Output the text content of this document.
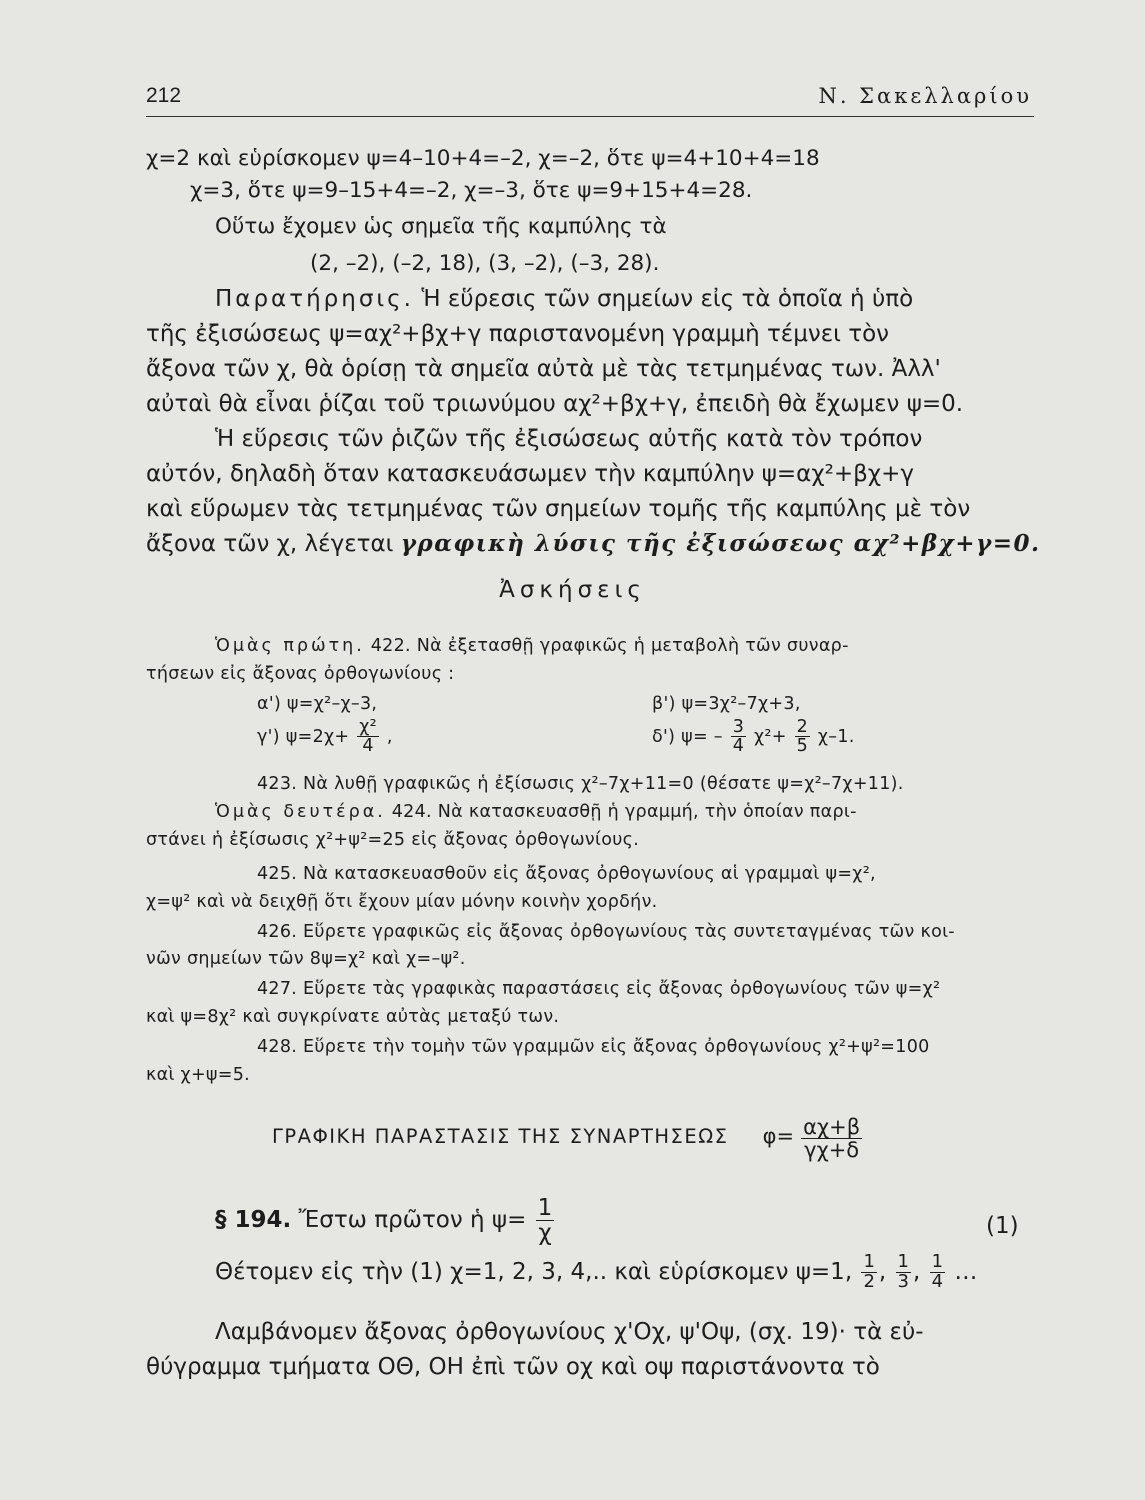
212	Ν. Σακελλαρίου
χ=2 καὶ εὑρίσκομεν ψ=4–10+4=–2, χ=–2, ὅτε ψ=4+10+4=18
χ=3, ὅτε ψ=9–15+4=–2, χ=–3, ὅτε ψ=9+15+4=28.
Οὕτω ἔχομεν ὡς σημεῖα τῆς καμπύλης τὰ
(2, –2), (–2, 18), (3, –2), (–3, 28).
Παρατήρησις. Ἡ εὕρεσις τῶν σημείων εἰς τὰ ὁποῖα ἡ ὑπὸ
τῆς ἐξισώσεως ψ=αχ²+βχ+γ παριστανομένη γραμμὴ τέμνει τὸν
ἄξονα τῶν χ, θὰ ὁρίσῃ τὰ σημεῖα αὐτὰ μὲ τὰς τετμημένας των. Ἀλλ'
αὐταὶ θὰ εἶναι ῥίζαι τοῦ τριωνύμου αχ²+βχ+γ, ἐπειδὴ θὰ ἔχωμεν ψ=0.
Ἡ εὕρεσις τῶν ῥιζῶν τῆς ἐξισώσεως αὐτῆς κατὰ τὸν τρόπον
αὐτόν, δηλαδὴ ὅταν κατασκευάσωμεν τὴν καμπύλην ψ=αχ²+βχ+γ
καὶ εὕρωμεν τὰς τετμημένας τῶν σημείων τομῆς τῆς καμπύλης μὲ τὸν
ἄξονα τῶν χ, λέγεται γραφικὴ λύσις τῆς ἐξισώσεως αχ²+βχ+γ=0.
Ἀσκήσεις
Ὁμὰς πρώτη. 422. Νὰ ἐξετασθῇ γραφικῶς ἡ μεταβολὴ τῶν συναρ-
τήσεων εἰς ἄξονας ὀρθογωνίους :
α') ψ=χ²–χ–3,	β') ψ=3χ²–7χ+3,
γ') $\psi=2\chi+ \frac{\text{χ²}}{4}$ ,	δ') $\psi= - \frac{3}{4} \chi^2+ \frac{2}{5} \chi-1$.
423. Νὰ λυθῇ γραφικῶς ἡ ἐξίσωσις χ²–7χ+11=0 (θέσατε ψ=χ²–7χ+11).
Ὁμὰς δευτέρα. 424. Νὰ κατασκευασθῇ ἡ γραμμή, τὴν ὁποίαν παρι-
στάνει ἡ ἐξίσωσις χ²+ψ²=25 εἰς ἄξονας ὀρθογωνίους.
425. Νὰ κατασκευασθοῦν εἰς ἄξονας ὀρθογωνίους αἱ γραμμαὶ ψ=χ²,
χ=ψ² καὶ νὰ δειχθῇ ὅτι ἔχουν μίαν μόνην κοινὴν χορδήν.
426. Εὕρετε γραφικῶς εἰς ἄξονας ὀρθογωνίους τὰς συντεταγμένας τῶν κοι-
νῶν σημείων τῶν 8ψ=χ² καὶ χ=–ψ².
427. Εὕρετε τὰς γραφικὰς παραστάσεις εἰς ἄξονας ὀρθογωνίους τῶν ψ=χ²
καὶ ψ=8χ² καὶ συγκρίνατε αὐτὰς μεταξύ των.
428. Εὕρετε τὴν τομὴν τῶν γραμμῶν εἰς ἄξονας ὀρθογωνίους χ²+ψ²=100
καὶ χ+ψ=5.
ΓΡΑΦΙΚΗ ΠΑΡΑΣΤΑΣΙΣ ΤΗΣ ΣΥΝΑΡΤΗΣΕΩΣ $\varphi= \frac{\alpha\chi+\beta}{\gamma\chi+\delta}$
§ 194. Ἔστω πρῶτον ἡ $\psi= \frac{1}{\chi}$	(1)
Θέτομεν εἰς τὴν (1) χ=1, 2, 3, 4,.. καὶ εὑρίσκομεν ψ=1, $\frac{1}{2}$ , $\frac{1}{3}$ , $\frac{1}{4}$ …
Λαμβάνομεν ἄξονας ὀρθογωνίους χ'Οχ, ψ'Οψ, (σχ. 19)· τὰ εὐ-
θύγραμμα τμήματα ΟΘ, ΟΗ ἐπὶ τῶν οχ καὶ οψ παριστάνοντα τὸ
